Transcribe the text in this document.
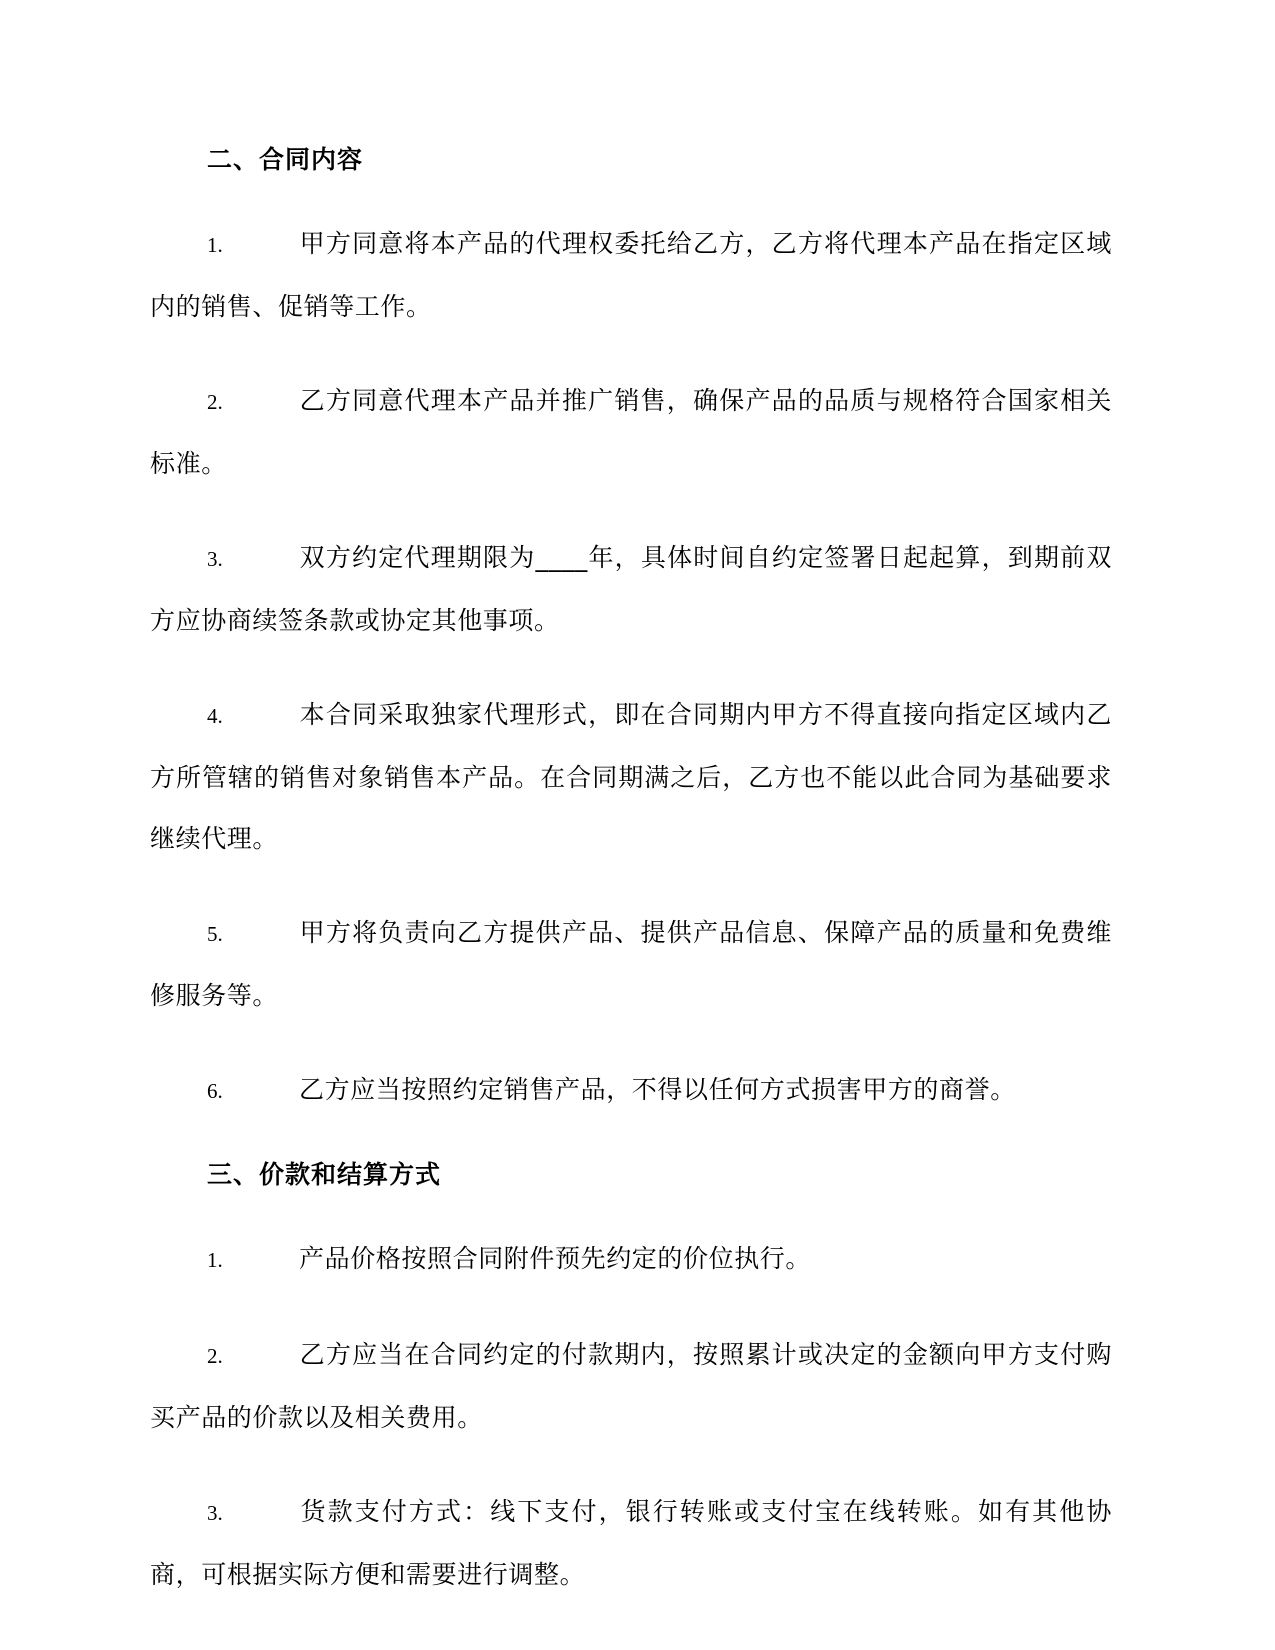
二、合同内容

1.	甲方同意将本产品的代理权委托给乙方，乙方将代理本产品在指定区域内的销售、促销等工作。

2.	乙方同意代理本产品并推广销售，确保产品的品质与规格符合国家相关标准。

3.	双方约定代理期限为____年，具体时间自约定签署日起起算，到期前双方应协商续签条款或协定其他事项。

4.	本合同采取独家代理形式，即在合同期内甲方不得直接向指定区域内乙方所管辖的销售对象销售本产品。在合同期满之后，乙方也不能以此合同为基础要求继续代理。

5.	甲方将负责向乙方提供产品、提供产品信息、保障产品的质量和免费维修服务等。

6.	乙方应当按照约定销售产品，不得以任何方式损害甲方的商誉。

三、价款和结算方式

1.	产品价格按照合同附件预先约定的价位执行。

2.	乙方应当在合同约定的付款期内，按照累计或决定的金额向甲方支付购买产品的价款以及相关费用。

3.	货款支付方式：线下支付，银行转账或支付宝在线转账。如有其他协商，可根据实际方便和需要进行调整。
